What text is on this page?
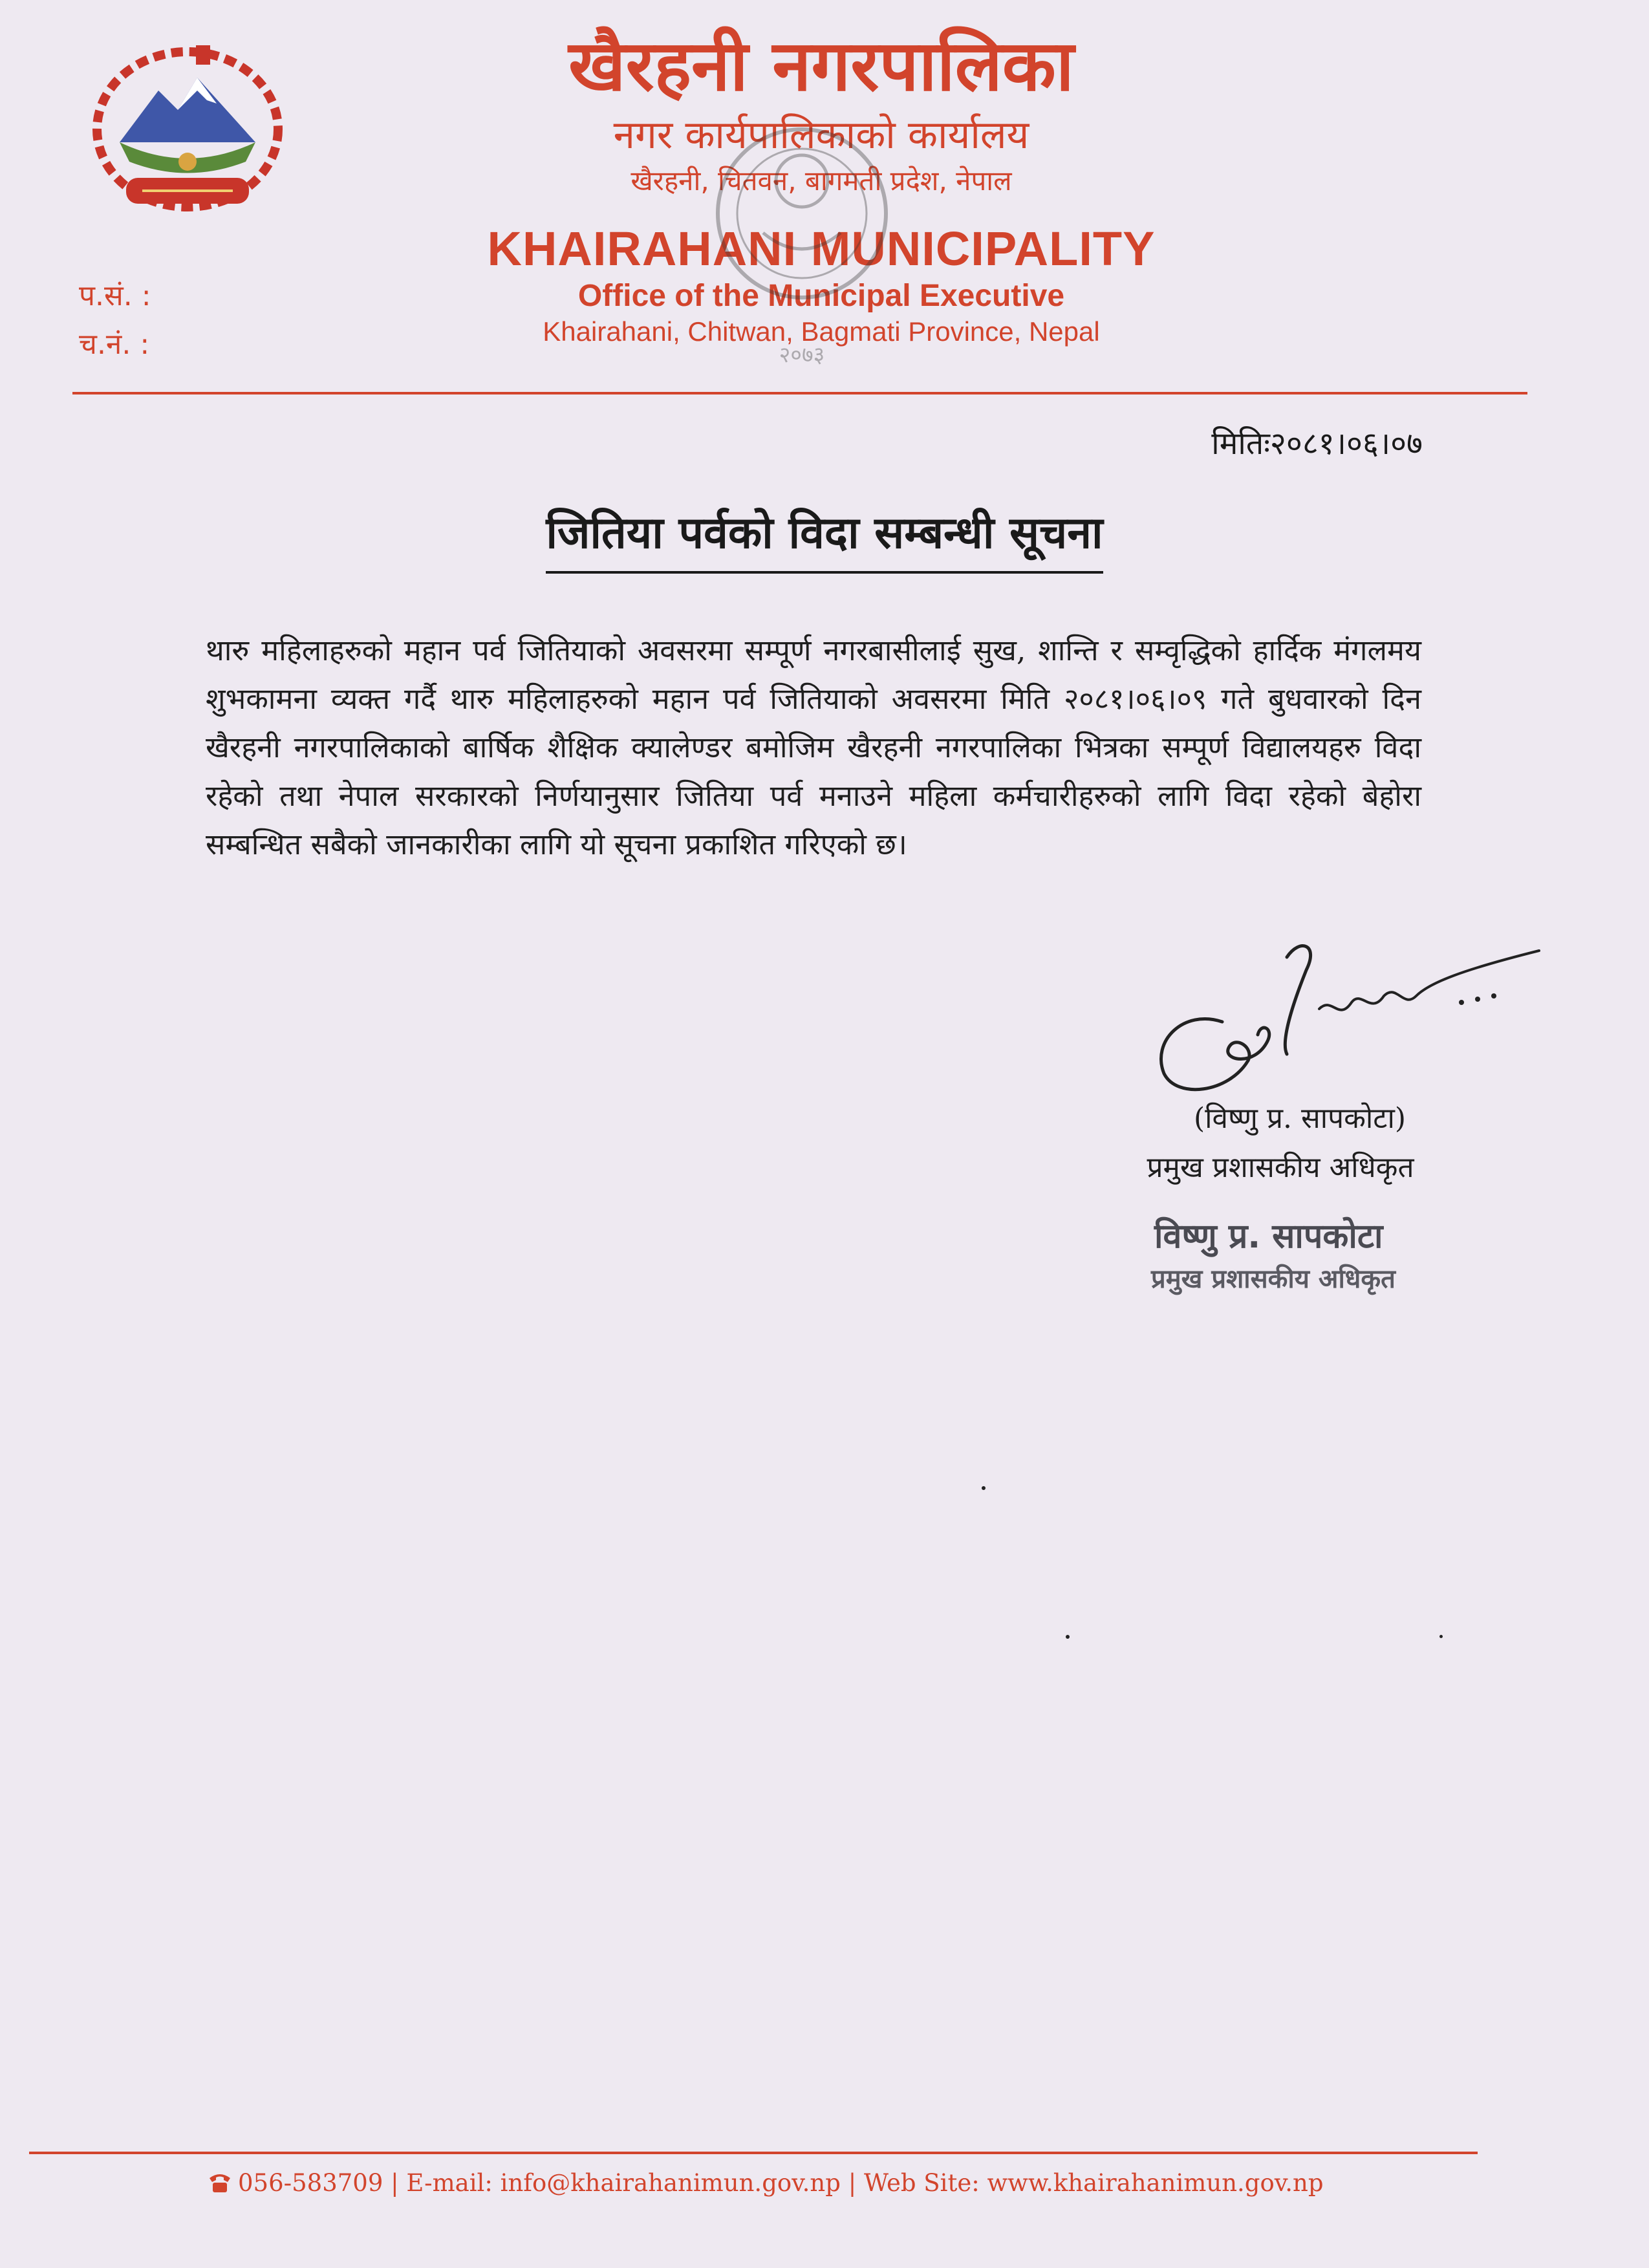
खैरहनी नगरपालिका
नगर कार्यपालिकाको कार्यालय
खैरहनी, चितवन, बागमती प्रदेश, नेपाल
KHAIRAHANI MUNICIPALITY
Office of the Municipal Executive
Khairahani, Chitwan, Bagmati Province, Nepal
प.सं. :
च.नं. :	२०७३
मितिः२०८१।०६।०७
जितिया पर्वको विदा सम्बन्धी सूचना
थारु महिलाहरुको महान पर्व जितियाको अवसरमा सम्पूर्ण नगरबासीलाई सुख, शान्ति र सम्वृद्धिको हार्दिक मंगलमय शुभकामना व्यक्त गर्दै थारु महिलाहरुको महान पर्व जितियाको अवसरमा मिति २०८१।०६।०९ गते बुधवारको दिन खैरहनी नगरपालिकाको बार्षिक शैक्षिक क्यालेण्डर बमोजिम खैरहनी नगरपालिका भित्रका सम्पूर्ण विद्यालयहरु विदा रहेको तथा नेपाल सरकारको निर्णयानुसार जितिया पर्व मनाउने महिला कर्मचारीहरुको लागि विदा रहेको बेहोरा सम्बन्धित सबैको जानकारीका लागि यो सूचना प्रकाशित गरिएको छ।
(विष्णु प्र. सापकोटा)
प्रमुख प्रशासकीय अधिकृत
विष्णु प्र. सापकोटा
प्रमुख प्रशासकीय अधिकृत
056-583709 | E-mail: info@khairahanimun.gov.np | Web Site: www.khairahanimun.gov.np
